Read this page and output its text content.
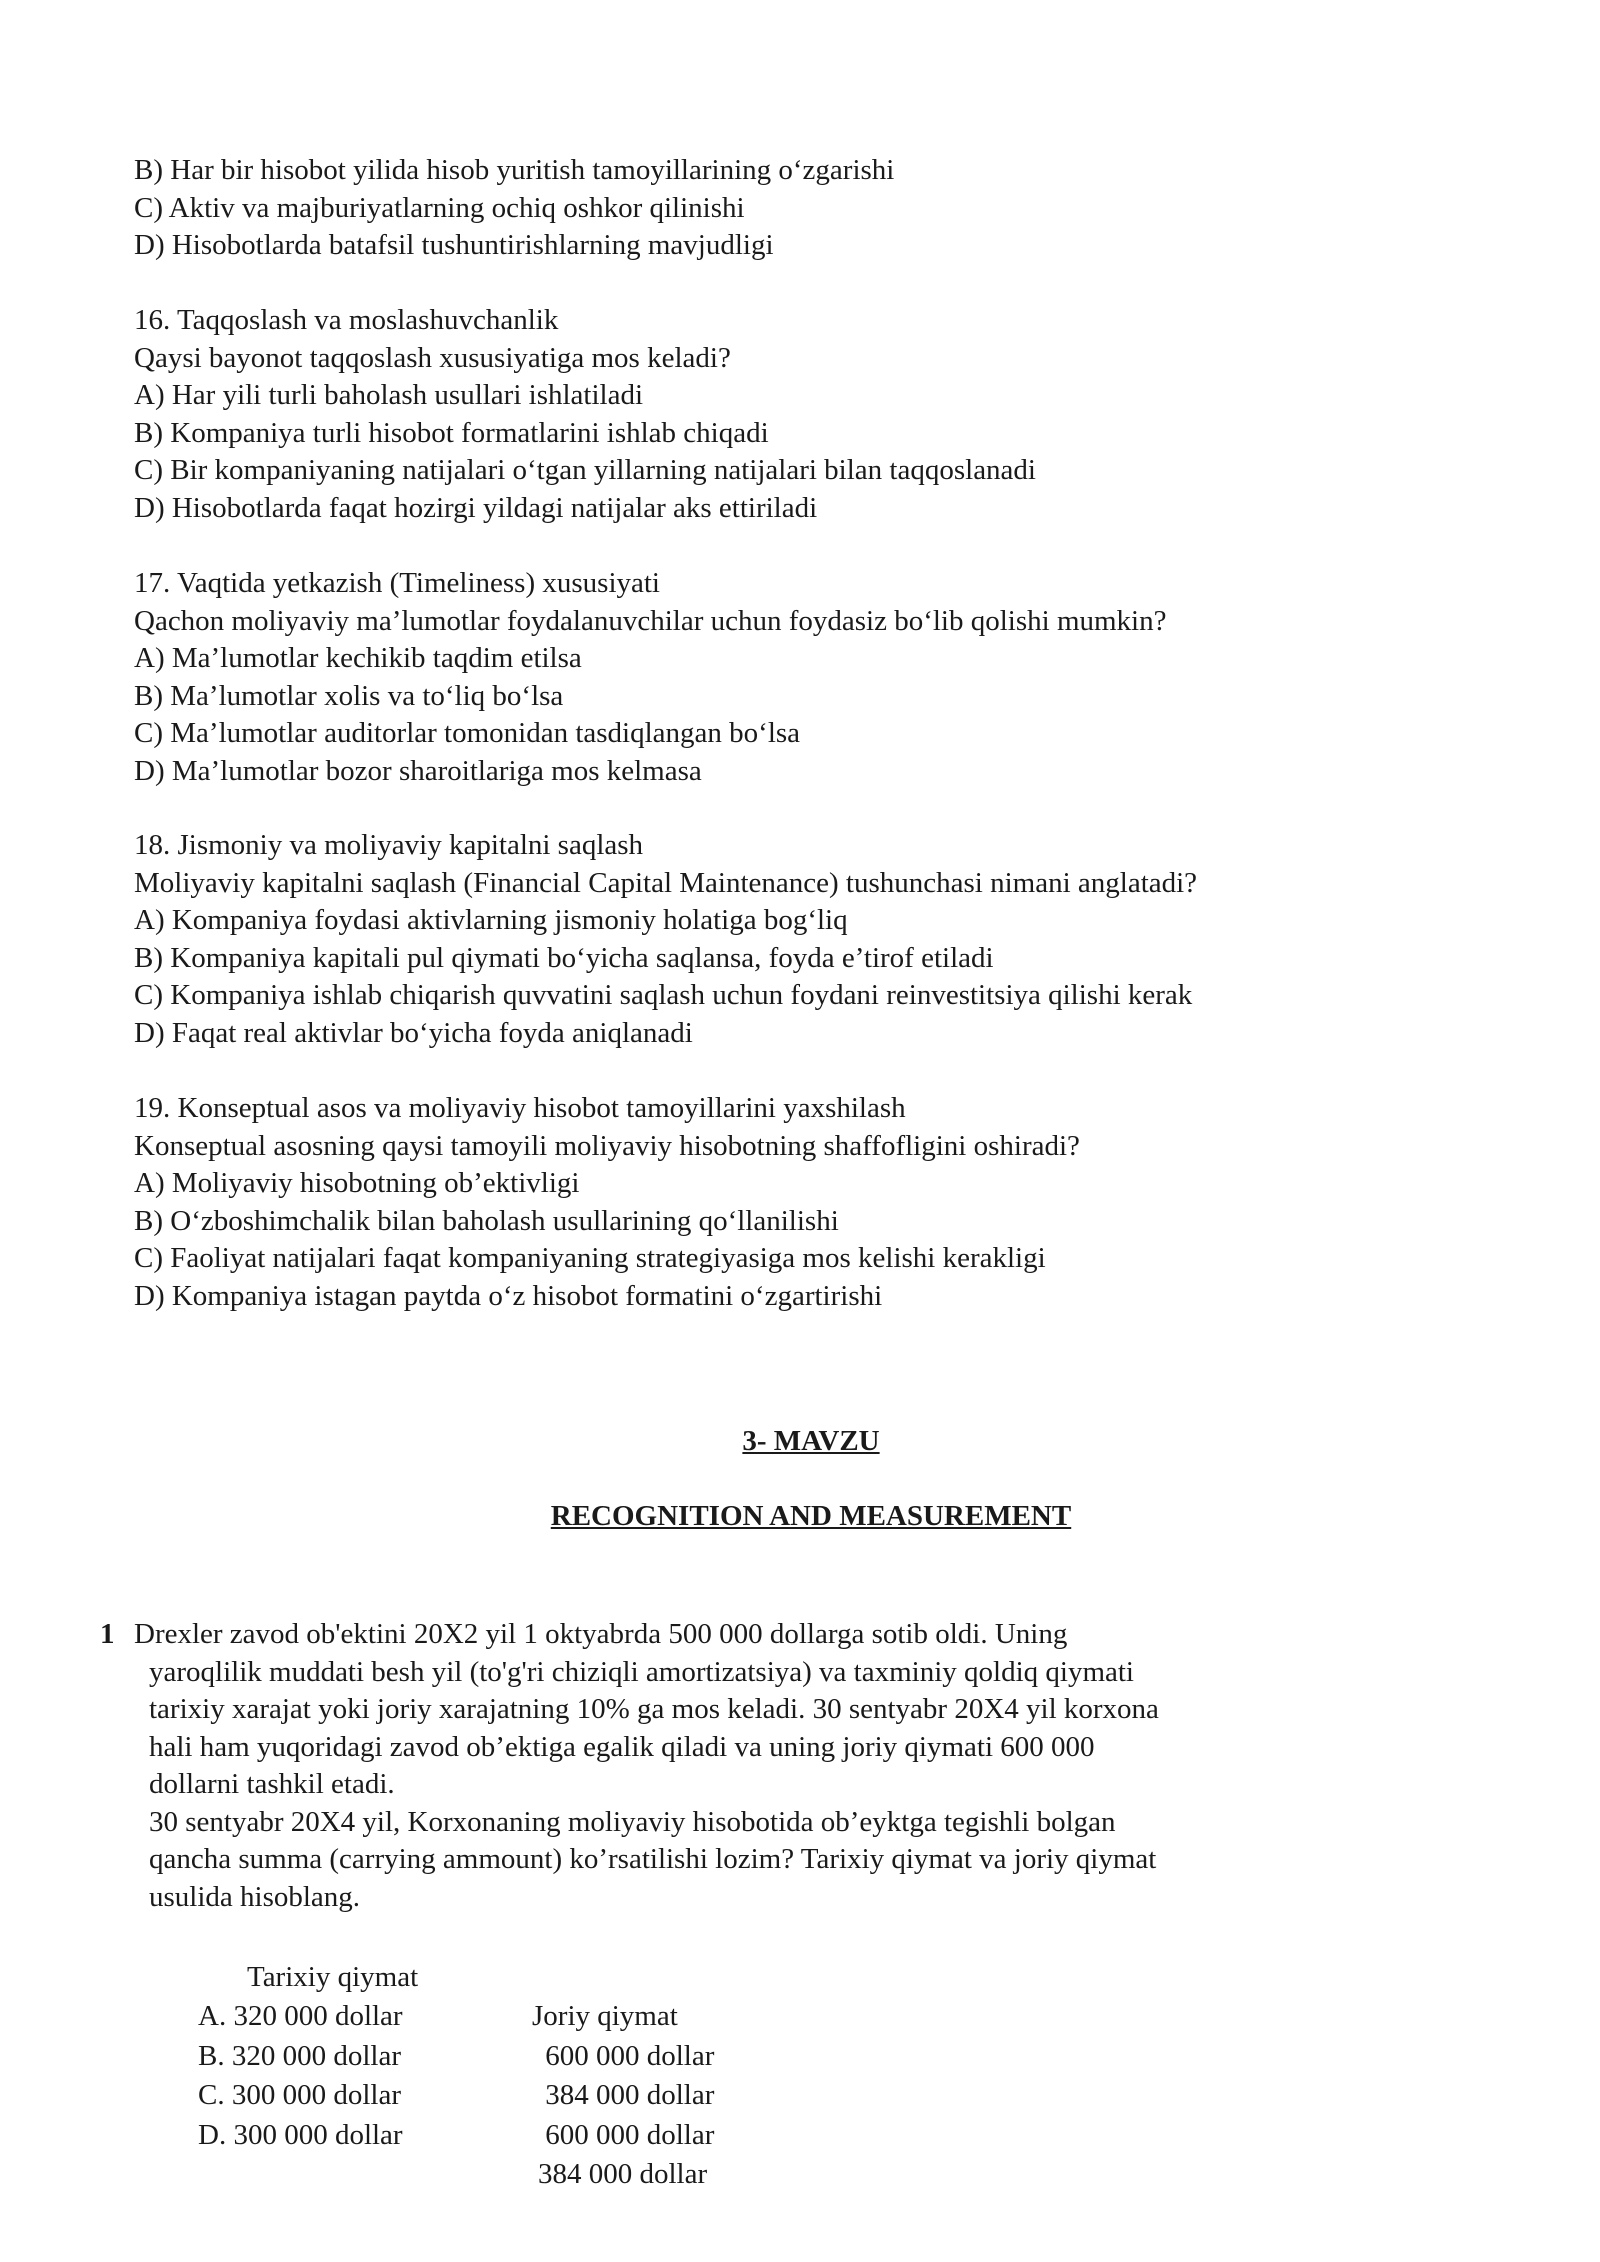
B) Har bir hisobot yilida hisob yuritish tamoyillarining o‘zgarishi
C) Aktiv va majburiyatlarning ochiq oshkor qilinishi
D) Hisobotlarda batafsil tushuntirishlarning mavjudligi
16. Taqqoslash va moslashuvchanlik
Qaysi bayonot taqqoslash xususiyatiga mos keladi?
A) Har yili turli baholash usullari ishlatiladi
B) Kompaniya turli hisobot formatlarini ishlab chiqadi
C) Bir kompaniyaning natijalari o‘tgan yillarning natijalari bilan taqqoslanadi
D) Hisobotlarda faqat hozirgi yildagi natijalar aks ettiriladi
17. Vaqtida yetkazish (Timeliness) xususiyati
Qachon moliyaviy ma’lumotlar foydalanuvchilar uchun foydasiz bo‘lib qolishi mumkin?
A) Ma’lumotlar kechikib taqdim etilsa
B) Ma’lumotlar xolis va to‘liq bo‘lsa
C) Ma’lumotlar auditorlar tomonidan tasdiqlangan bo‘lsa
D) Ma’lumotlar bozor sharoitlariga mos kelmasa
18. Jismoniy va moliyaviy kapitalni saqlash
Moliyaviy kapitalni saqlash (Financial Capital Maintenance) tushunchasi nimani anglatadi?
A) Kompaniya foydasi aktivlarning jismoniy holatiga bog‘liq
B) Kompaniya kapitali pul qiymati bo‘yicha saqlansa, foyda e’tirof etiladi
C) Kompaniya ishlab chiqarish quvvatini saqlash uchun foydani reinvestitsiya qilishi kerak
D) Faqat real aktivlar bo‘yicha foyda aniqlanadi
19. Konseptual asos va moliyaviy hisobot tamoyillarini yaxshilash
Konseptual asosning qaysi tamoyili moliyaviy hisobotning shaffofligini oshiradi?
A) Moliyaviy hisobotning ob’ektivligi
B) O‘zboshimchalik bilan baholash usullarining qo‘llanilishi
C) Faoliyat natijalari faqat kompaniyaning strategiyasiga mos kelishi kerakligi
D) Kompaniya istagan paytda o‘z hisobot formatini o‘zgartirishi
3- MAVZU
RECOGNITION AND MEASUREMENT
1 Drexler zavod ob'ektini 20X2 yil 1 oktyabrda 500 000 dollarga sotib oldi. Uning
yaroqlilik muddati besh yil (to'g'ri chiziqli amortizatsiya) va taxminiy qoldiq qiymati
tarixiy xarajat yoki joriy xarajatning 10% ga mos keladi. 30 sentyabr 20X4 yil korxona
hali ham yuqoridagi zavod ob’ektiga egalik qiladi va uning joriy qiymati 600 000
dollarni tashkil etadi.
30 sentyabr 20X4 yil, Korxonaning moliyaviy hisobotida ob’eyktga tegishli bolgan
qancha summa (carrying ammount) ko’rsatilishi lozim? Tarixiy qiymat va joriy qiymat
usulida hisoblang.

Tarixiy qiymat

Joriy qiymat

A. 320 000 dollar

600 000 dollar

B. 320 000 dollar

384 000 dollar

C. 300 000 dollar

600 000 dollar

D. 300 000 dollar

384 000 dollar
